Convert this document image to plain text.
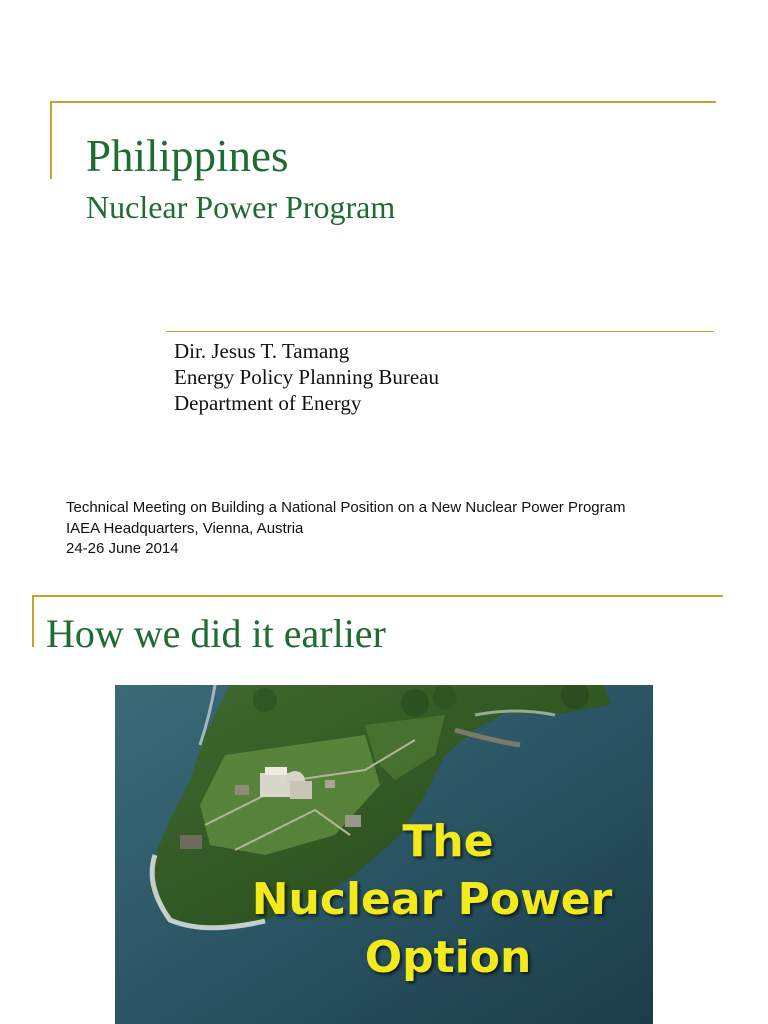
Philippines
Nuclear Power Program
Dir. Jesus T. Tamang
Energy Policy Planning Bureau
Department of Energy
Technical Meeting on Building a National Position on a New Nuclear Power Program
IAEA Headquarters, Vienna, Austria
24-26 June 2014
How we did it earlier
The
Nuclear Power
Option
